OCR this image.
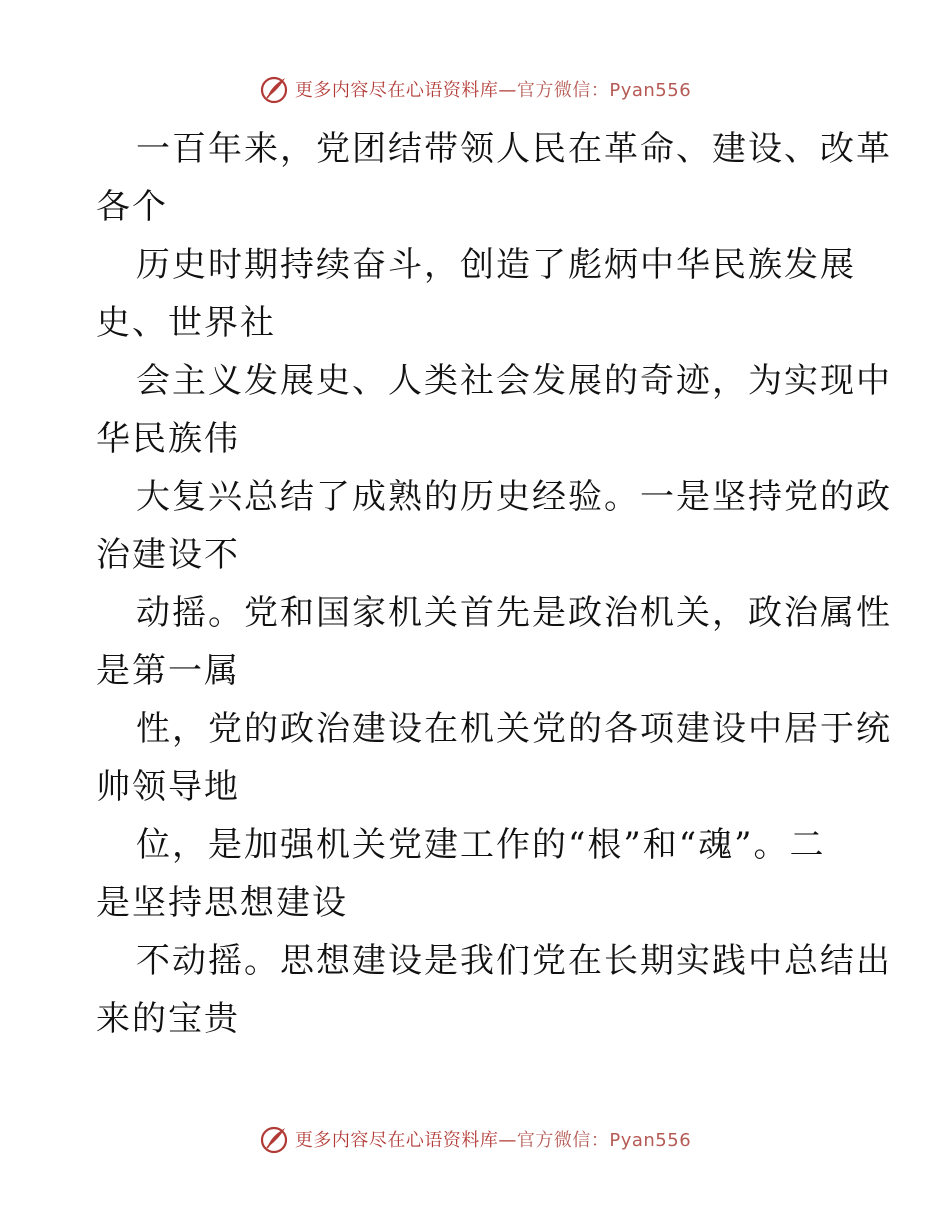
更多内容尽在心语资料库—官方微信：Pyan556

一百年来，党团结带领人民在革命、建设、改革

各个

历史时期持续奋斗，创造了彪炳中华民族发展

史、世界社

会主义发展史、人类社会发展的奇迹，为实现中

华民族伟

大复兴总结了成熟的历史经验。一是坚持党的政

治建设不

动摇。党和国家机关首先是政治机关，政治属性

是第一属

性，党的政治建设在机关党的各项建设中居于统

帅领导地

位，是加强机关党建工作的“根”和“魂”。二

是坚持思想建设

不动摇。思想建设是我们党在长期实践中总结出

来的宝贵

更多内容尽在心语资料库—官方微信：Pyan556
